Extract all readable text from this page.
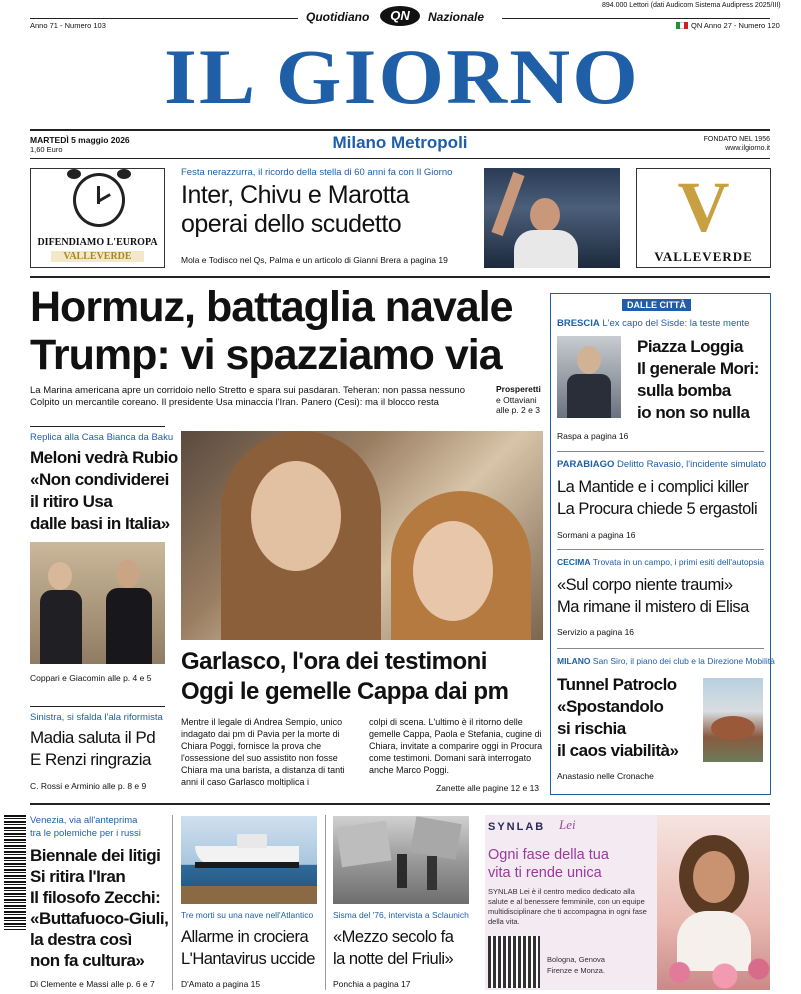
Anno 71 - Numero 103
894.000 Lettori (dati Audicom Sistema Audipress 2025/III)
QN Anno 27 - Numero 120
Quotidiano	QN	Nazionale
IL GIORNO
MARTEDÌ 5 maggio 2026
1,60 Euro	Milano Metropoli	FONDATO NEL 1956
www.ilgiorno.it
DIFENDIAMO L'EUROPA
VALLEVERDE
Festa nerazzurra, il ricordo della stella di 60 anni fa con Il Giorno
Inter, Chivu e Marotta
operai dello scudetto
Mola e Todisco nel Qs, Palma e un articolo di Gianni Brera a pagina 19
V
VALLEVERDE
Hormuz, battaglia navale
Trump: vi spazziamo via
La Marina americana apre un corridoio nello Stretto e spara sui pasdaran. Teheran: non passa nessuno
Colpito un mercantile coreano. Il presidente Usa minaccia l'Iran. Panero (Cesi): ma il blocco resta
Prosperetti
e Ottaviani
alle p. 2 e 3
Replica alla Casa Bianca da Baku
Meloni vedrà Rubio
«Non condividerei
il ritiro Usa
dalle basi in Italia»
Coppari e Giacomin alle p. 4 e 5
Sinistra, si sfalda l'ala riformista
Madia saluta il Pd
E Renzi ringrazia
C. Rossi e Arminio alle p. 8 e 9
Garlasco, l'ora dei testimoni
Oggi le gemelle Cappa dai pm
Mentre il legale di Andrea Sempio, unico indagato dai pm di Pavia per la morte di Chiara Poggi, fornisce la prova che l'ossessione del suo assistito non fosse Chiara ma una barista, a distanza di tanti anni il caso Garlasco moltiplica i
colpi di scena. L'ultimo è il ritorno delle gemelle Cappa, Paola e Stefania, cugine di Chiara, invitate a comparire oggi in Procura come testimoni. Domani sarà interrogato anche Marco Poggi.
Zanette alle pagine 12 e 13
DALLE CITTÀ
BRESCIA L'ex capo del Sisde: la teste mente
Piazza Loggia
Il generale Mori:
sulla bomba
io non so nulla
Raspa a pagina 16
PARABIAGO Delitto Ravasio, l'incidente simulato
La Mantide e i complici killer
La Procura chiede 5 ergastoli
Sormani a pagina 16
CECIMA Trovata in un campo, i primi esiti dell'autopsia
«Sul corpo niente traumi»
Ma rimane il mistero di Elisa
Servizio a pagina 16
MILANO San Siro, il piano dei club e la Direzione Mobilità
Tunnel Patroclo
«Spostandolo
si rischia
il caos viabilità»
Anastasio nelle Cronache
Venezia, via all'anteprima
tra le polemiche per i russi
Biennale dei litigi
Si ritira l'Iran
Il filosofo Zecchi:
«Buttafuoco-Giuli,
la destra così
non fa cultura»
Di Clemente e Massi alle p. 6 e 7
Tre morti su una nave nell'Atlantico
Allarme in crociera
L'Hantavirus uccide
D'Amato a pagina 15
Sisma del '76, intervista a Sclaunich
«Mezzo secolo fa
la notte del Friuli»
Ponchia a pagina 17
SYNLAB Lei
Ogni fase della tua
vita ti rende unica
SYNLAB Lei è il centro medico dedicato alla salute e al benessere femminile, con un equipe multidisciplinare che ti accompagna in ogni fase della vita.
Bologna, Genova
Firenze e Monza.
